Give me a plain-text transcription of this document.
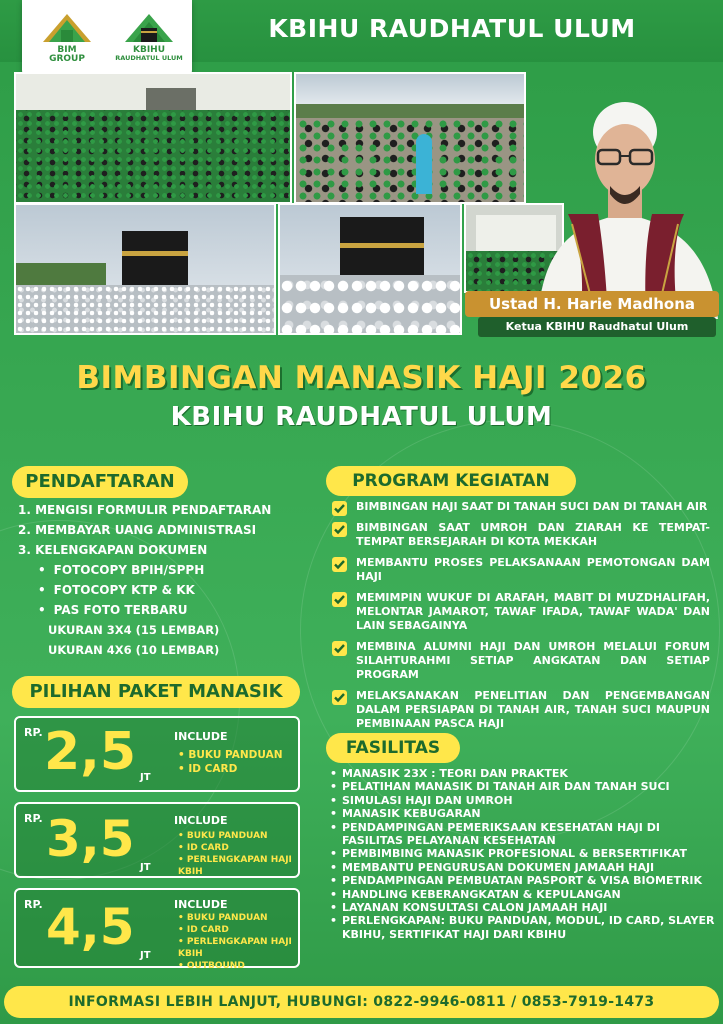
BIM
GROUP
KBIHU
RAUDHATUL ULUM
KBIHU RAUDHATUL ULUM
Ustad H. Harie Madhona
Ketua KBIHU Raudhatul Ulum
BIMBINGAN MANASIK HAJI 2026
KBIHU RAUDHATUL ULUM
PENDAFTARAN
1. MENGISI FORMULIR PENDAFTARAN
2. MEMBAYAR UANG ADMINISTRASI
3. KELENGKAPAN DOKUMEN
• FOTOCOPY BPIH/SPPH
• FOTOCOPY KTP & KK
• PAS FOTO TERBARU
UKURAN 3X4 (15 LEMBAR)
UKURAN 4X6 (10 LEMBAR)
PILIHAN PAKET MANASIK
RP. 2,5 JT
INCLUDE
• BUKU PANDUAN
• ID CARD
RP. 3,5 JT
INCLUDE
• BUKU PANDUAN
• ID CARD
• PERLENGKAPAN HAJI KBIH
RP. 4,5 JT
INCLUDE
• BUKU PANDUAN
• ID CARD
• PERLENGKAPAN HAJI KBIH
• OUTBOUND
PROGRAM KEGIATAN
BIMBINGAN HAJI SAAT DI TANAH SUCI DAN DI TANAH AIR
BIMBINGAN SAAT UMROH DAN ZIARAH KE TEMPAT-TEMPAT BERSEJARAH DI KOTA MEKKAH
MEMBANTU PROSES PELAKSANAAN PEMOTONGAN DAM HAJI
MEMIMPIN WUKUF DI ARAFAH, MABIT DI MUZDHALIFAH, MELONTAR JAMAROT, TAWAF IFADA, TAWAF WADA' DAN LAIN SEBAGAINYA
MEMBINA ALUMNI HAJI DAN UMROH MELALUI FORUM SILAHTURAHMI SETIAP ANGKATAN DAN SETIAP PROGRAM
MELAKSANAKAN PENELITIAN DAN PENGEMBANGAN DALAM PERSIAPAN DI TANAH AIR, TANAH SUCI MAUPUN PEMBINAAN PASCA HAJI
FASILITAS
• MANASIK 23X : TEORI DAN PRAKTEK
• PELATIHAN MANASIK DI TANAH AIR DAN TANAH SUCI
• SIMULASI HAJI DAN UMROH
• MANASIK KEBUGARAN
• PENDAMPINGAN PEMERIKSAAN KESEHATAN HAJI DI FASILITAS PELAYANAN KESEHATAN
• PEMBIMBING MANASIK PROFESIONAL & BERSERTIFIKAT
• MEMBANTU PENGURUSAN DOKUMEN JAMAAH HAJI
• PENDAMPINGAN PEMBUATAN PASPORT & VISA BIOMETRIK
• HANDLING KEBERANGKATAN & KEPULANGAN
• LAYANAN KONSULTASI CALON JAMAAH HAJI
• PERLENGKAPAN: BUKU PANDUAN, MODUL, ID CARD, SLAYER KBIHU, SERTIFIKAT HAJI DARI KBIHU
INFORMASI LEBIH LANJUT, HUBUNGI: 0822-9946-0811 / 0853-7919-1473
